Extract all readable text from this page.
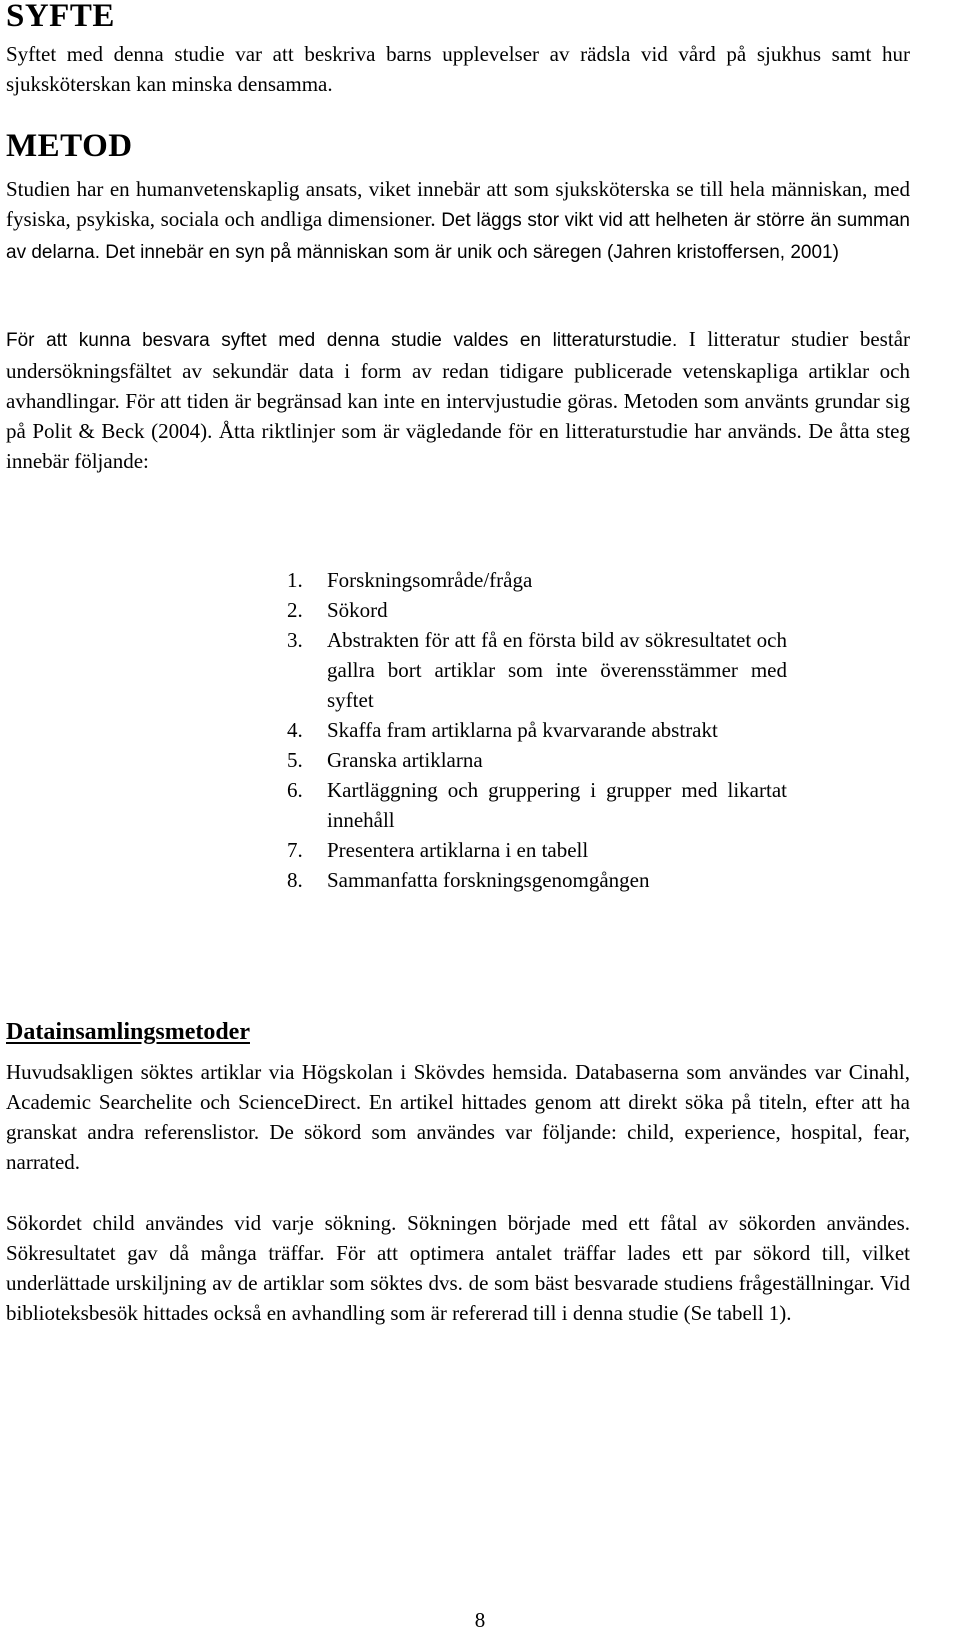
SYFTE

Syftet med denna studie var att beskriva barns upplevelser av rädsla vid vård på sjukhus samt hur sjuksköterskan kan minska densamma.

METOD

Studien har en humanvetenskaplig ansats, viket innebär att som sjuksköterska se till hela människan, med fysiska, psykiska, sociala och andliga dimensioner. Det läggs stor vikt vid att helheten är större än summan av delarna. Det innebär en syn på människan som är unik och säregen (Jahren kristoffersen, 2001)

För att kunna besvara syftet med denna studie valdes en litteraturstudie. I litteratur studier består undersökningsfältet av sekundär data i form av redan tidigare publicerade vetenskapliga artiklar och avhandlingar. För att tiden är begränsad kan inte en intervjustudie göras. Metoden som använts grundar sig på Polit & Beck (2004). Åtta riktlinjer som är vägledande för en litteraturstudie har används. De åtta steg innebär följande:

1.	Forskningsområde/fråga
2.	Sökord
3.	Abstrakten för att få en första bild av sökresultatet och gallra bort artiklar som inte överensstämmer med syftet
4.	Skaffa fram artiklarna på kvarvarande abstrakt
5.	Granska artiklarna
6.	Kartläggning och gruppering i grupper med likartat innehåll
7.	Presentera artiklarna i en tabell
8.	Sammanfatta forskningsgenomgången
Datainsamlingsmetoder

Huvudsakligen söktes artiklar via Högskolan i Skövdes hemsida. Databaserna som användes var Cinahl, Academic Searchelite och ScienceDirect. En artikel hittades genom att direkt söka på titeln, efter att ha granskat andra referenslistor. De sökord som användes var följande: child, experience, hospital, fear, narrated.

Sökordet child användes vid varje sökning. Sökningen började med ett fåtal av sökorden användes. Sökresultatet gav då många träffar. För att optimera antalet träffar lades ett par sökord till, vilket underlättade urskiljning av de artiklar som söktes dvs. de som bäst besvarade studiens frågeställningar. Vid biblioteksbesök hittades också en avhandling som är refererad till i denna studie (Se tabell 1).

8
